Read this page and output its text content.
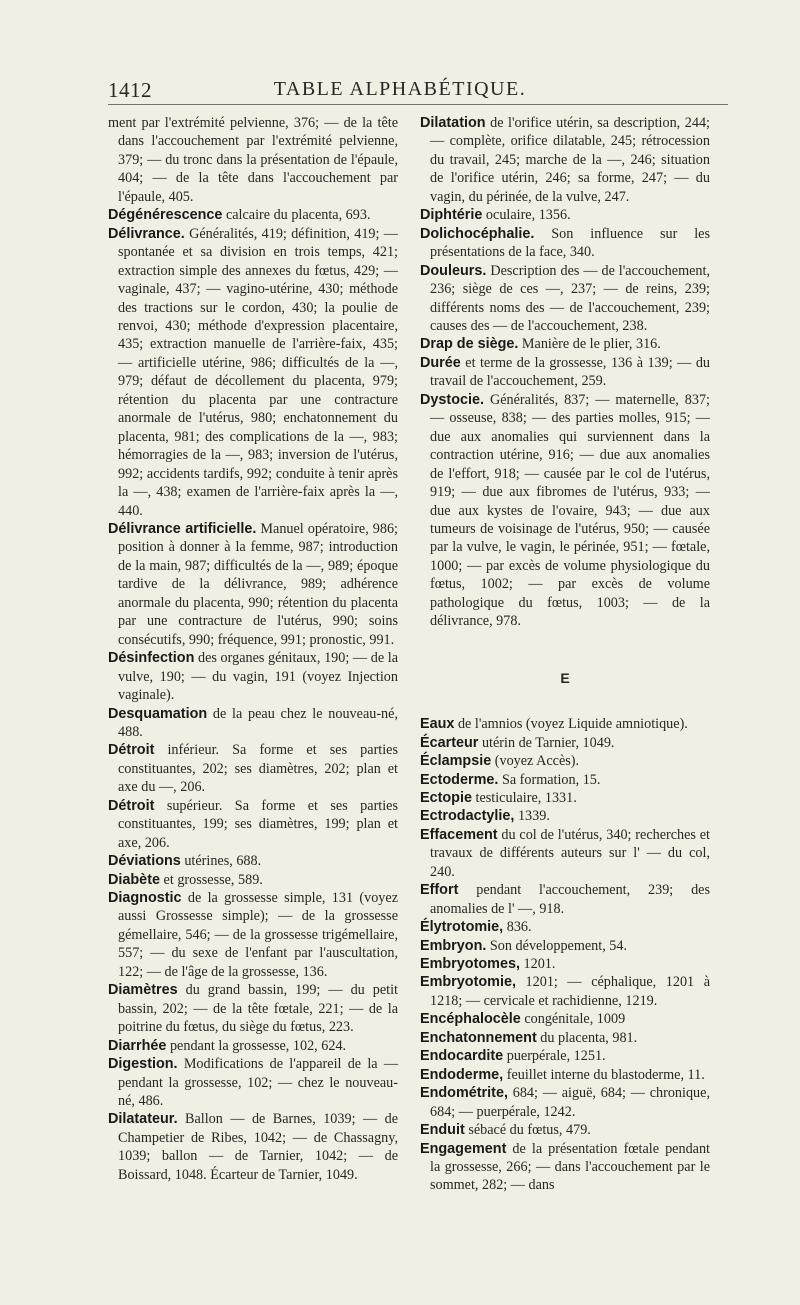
1412	TABLE ALPHABÉTIQUE.

ment par l'extrémité pelvienne, 376; — de la tête dans l'accouchement par l'extrémité pelvienne, 379; — du tronc dans la présentation de l'épaule, 404; — de la tête dans l'accouchement par l'épaule, 405.

Dégénérescence calcaire du placenta, 693.

Délivrance. Généralités, 419; définition, 419; — spontanée et sa division en trois temps, 421; extraction simple des annexes du fœtus, 429; — vaginale, 437; — vagino-utérine, 430; méthode des tractions sur le cordon, 430; la poulie de renvoi, 430; méthode d'expression placentaire, 435; extraction manuelle de l'arrière-faix, 435; — artificielle utérine, 986; difficultés de la —, 979; défaut de décollement du placenta, 979; rétention du placenta par une contracture anormale de l'utérus, 980; enchatonnement du placenta, 981; des complications de la —, 983; hémorragies de la —, 983; inversion de l'utérus, 992; accidents tardifs, 992; conduite à tenir après la —, 438; examen de l'arrière-faix après la —, 440.

Délivrance artificielle. Manuel opératoire, 986; position à donner à la femme, 987; introduction de la main, 987; difficultés de la —, 989; époque tardive de la délivrance, 989; adhérence anormale du placenta, 990; rétention du placenta par une contracture de l'utérus, 990; soins consécutifs, 990; fréquence, 991; pronostic, 991.

Désinfection des organes génitaux, 190; — de la vulve, 190; — du vagin, 191 (voyez Injection vaginale).

Desquamation de la peau chez le nouveau-né, 488.

Détroit inférieur. Sa forme et ses parties constituantes, 202; ses diamètres, 202; plan et axe du —, 206.

Détroit supérieur. Sa forme et ses parties constituantes, 199; ses diamètres, 199; plan et axe, 206.

Déviations utérines, 688.

Diabète et grossesse, 589.

Diagnostic de la grossesse simple, 131 (voyez aussi Grossesse simple); — de la grossesse gémellaire, 546; — de la grossesse trigémellaire, 557; — du sexe de l'enfant par l'auscultation, 122; — de l'âge de la grossesse, 136.

Diamètres du grand bassin, 199; — du petit bassin, 202; — de la tête fœtale, 221; — de la poitrine du fœtus, du siège du fœtus, 223.

Diarrhée pendant la grossesse, 102, 624.

Digestion. Modifications de l'appareil de la — pendant la grossesse, 102; — chez le nouveau-né, 486.

Dilatateur. Ballon — de Barnes, 1039; — de Champetier de Ribes, 1042; — de Chassagny, 1039; ballon — de Tarnier, 1042; — de Boissard, 1048. Écarteur de Tarnier, 1049.

Dilatation de l'orifice utérin, sa description, 244; — complète, orifice dilatable, 245; rétrocession du travail, 245; marche de la —, 246; situation de l'orifice utérin, 246; sa forme, 247; — du vagin, du périnée, de la vulve, 247.

Diphtérie oculaire, 1356.

Dolichocéphalie. Son influence sur les présentations de la face, 340.

Douleurs. Description des — de l'accouchement, 236; siège de ces —, 237; — de reins, 239; différents noms des — de l'accouchement, 239; causes des — de l'accouchement, 238.

Drap de siège. Manière de le plier, 316.

Durée et terme de la grossesse, 136 à 139; — du travail de l'accouchement, 259.

Dystocie. Généralités, 837; — maternelle, 837; — osseuse, 838; — des parties molles, 915; — due aux anomalies qui surviennent dans la contraction utérine, 916; — due aux anomalies de l'effort, 918; — causée par le col de l'utérus, 919; — due aux fibromes de l'utérus, 933; — due aux kystes de l'ovaire, 943; — due aux tumeurs de voisinage de l'utérus, 950; — causée par la vulve, le vagin, le périnée, 951; — fœtale, 1000; — par excès de volume physiologique du fœtus, 1002; — par excès de volume pathologique du fœtus, 1003; — de la délivrance, 978.

E

Eaux de l'amnios (voyez Liquide amniotique).

Écarteur utérin de Tarnier, 1049.

Éclampsie (voyez Accès).

Ectoderme. Sa formation, 15.

Ectopie testiculaire, 1331.

Ectrodactylie, 1339.

Effacement du col de l'utérus, 340; recherches et travaux de différents auteurs sur l' — du col, 240.

Effort pendant l'accouchement, 239; des anomalies de l' —, 918.

Élytrotomie, 836.

Embryon. Son développement, 54.

Embryotomes, 1201.

Embryotomie, 1201; — céphalique, 1201 à 1218; — cervicale et rachidienne, 1219.

Encéphalocèle congénitale, 1009

Enchatonnement du placenta, 981.

Endocardite puerpérale, 1251.

Endoderme, feuillet interne du blastoderme, 11.

Endométrite, 684; — aiguë, 684; — chronique, 684; — puerpérale, 1242.

Enduit sébacé du fœtus, 479.

Engagement de la présentation fœtale pendant la grossesse, 266; — dans l'accouchement par le sommet, 282; — dans
